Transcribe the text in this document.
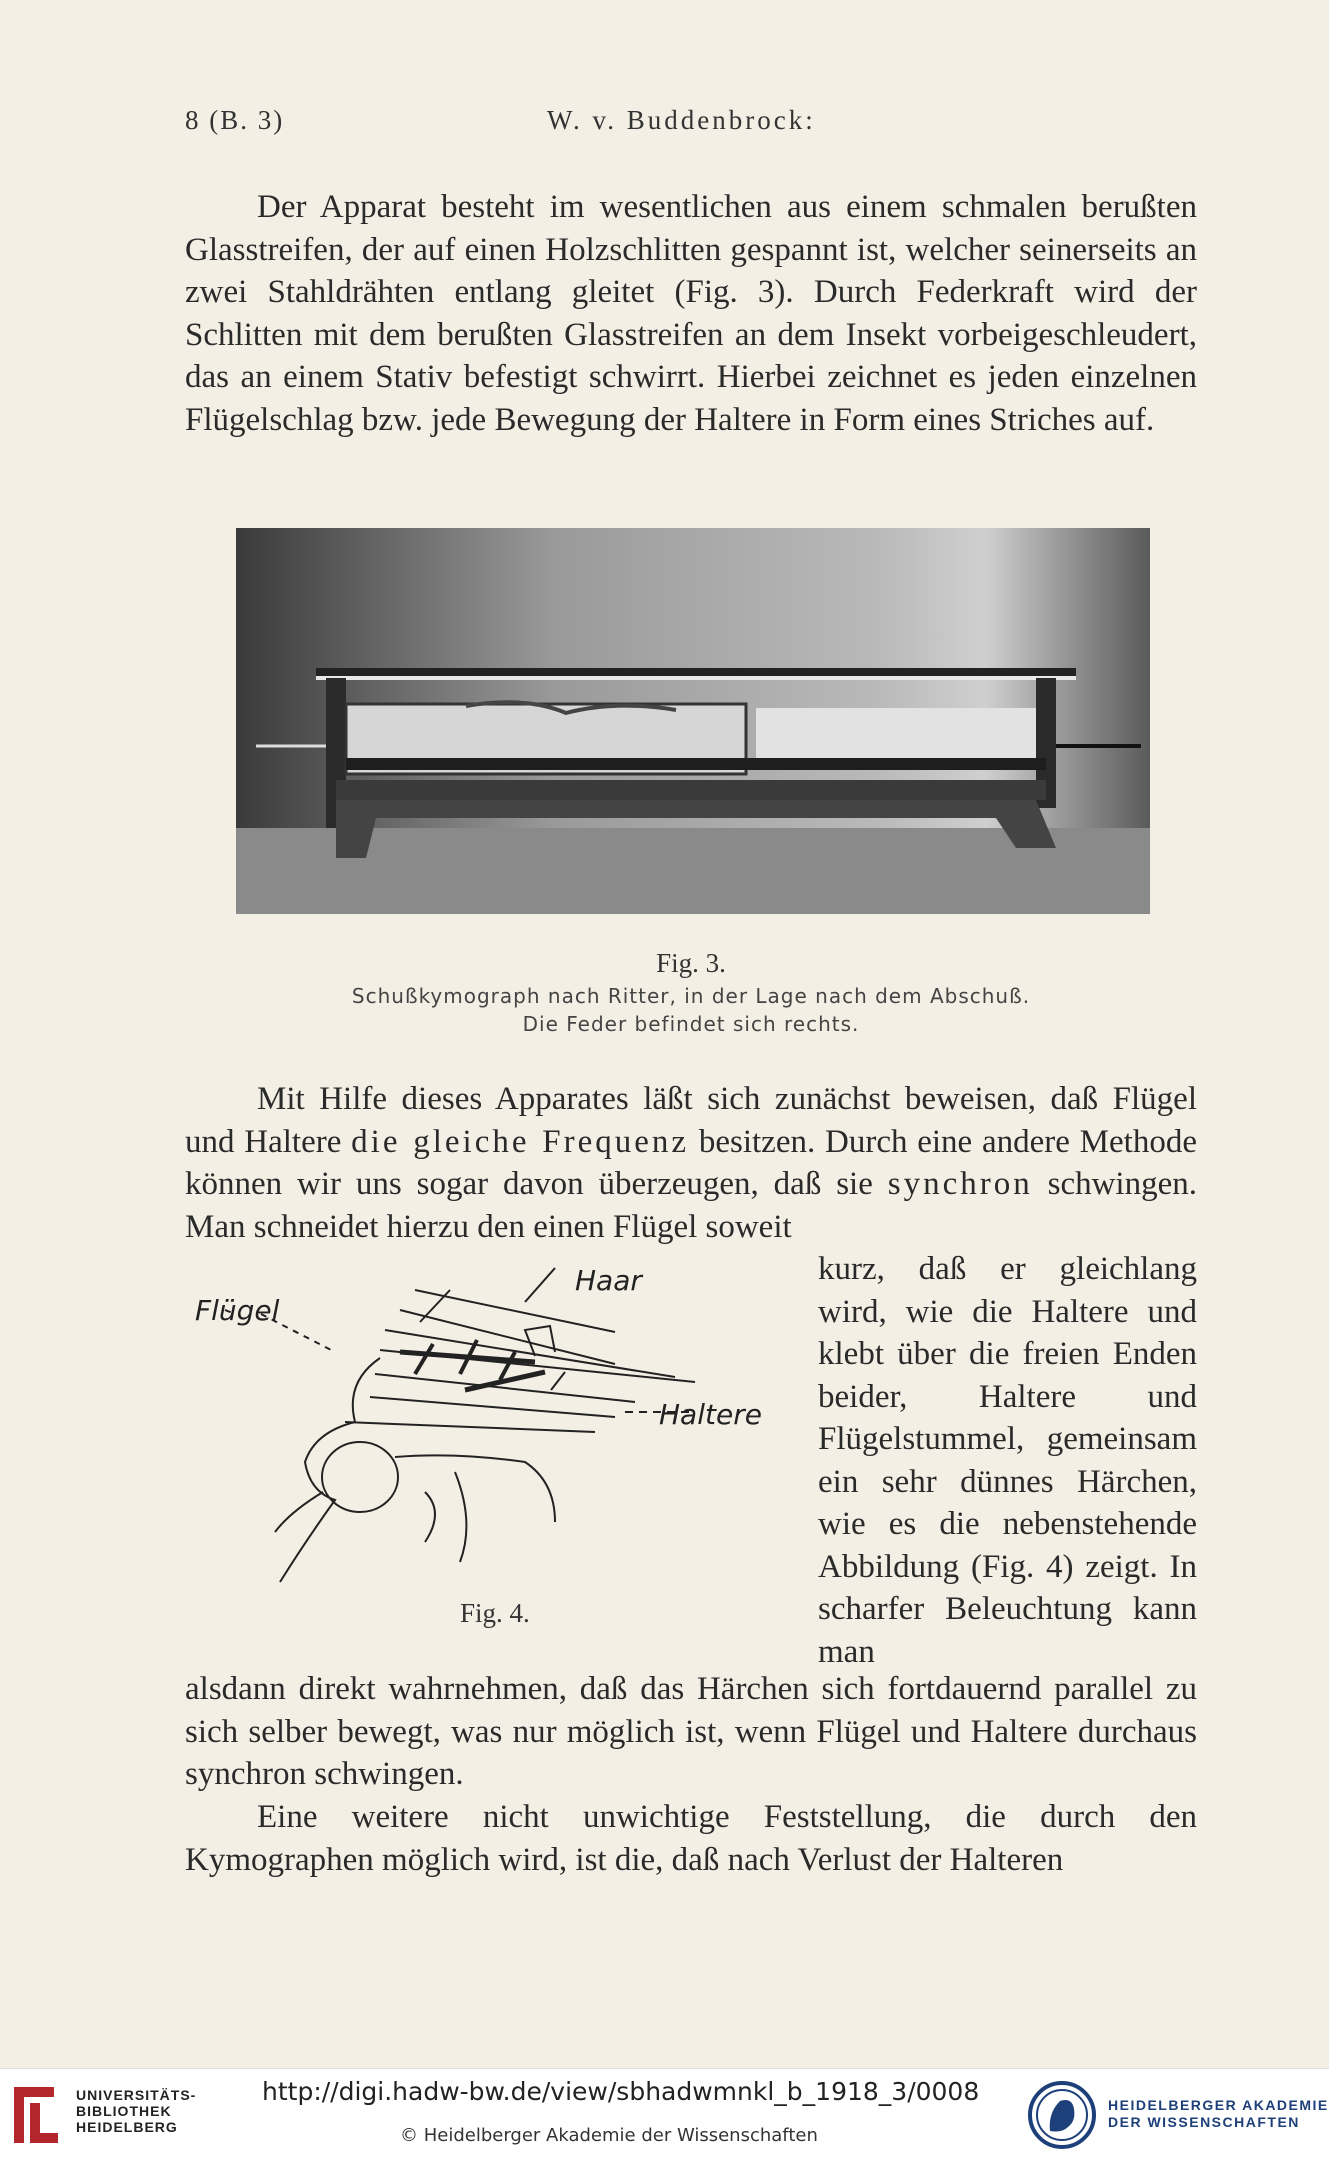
8 (B. 3)	W. v. Buddenbrock:
Der Apparat besteht im wesentlichen aus einem schmalen berußten Glasstreifen, der auf einen Holzschlitten gespannt ist, welcher seinerseits an zwei Stahldrähten entlang gleitet (Fig. 3). Durch Federkraft wird der Schlitten mit dem berußten Glasstreifen an dem Insekt vorbeigeschleudert, das an einem Stativ befestigt schwirrt. Hierbei zeichnet es jeden einzelnen Flügelschlag bzw. jede Bewegung der Haltere in Form eines Striches auf.
Fig. 3.
Schußkymograph nach Ritter, in der Lage nach dem Abschuß.
Die Feder befindet sich rechts.
Mit Hilfe dieses Apparates läßt sich zunächst beweisen, daß Flügel und Haltere die gleiche Frequenz besitzen. Durch eine andere Methode können wir uns sogar davon überzeugen, daß sie synchron schwingen. Man schneidet hierzu den einen Flügel soweit
kurz, daß er gleichlang wird, wie die Haltere und klebt über die freien Enden beider, Haltere und Flügelstummel, gemeinsam ein sehr dünnes Härchen, wie es die nebenstehende Abbildung (Fig. 4) zeigt. In scharfer Beleuchtung kann man
Haar
Flügel
Haltere
Fig. 4.
alsdann direkt wahrnehmen, daß das Härchen sich fortdauernd parallel zu sich selber bewegt, was nur möglich ist, wenn Flügel und Haltere durchaus synchron schwingen.
Eine weitere nicht unwichtige Feststellung, die durch den Kymographen möglich wird, ist die, daß nach Verlust der Halteren
UNIVERSITÄTS-
BIBLIOTHEK
HEIDELBERG
http://digi.hadw-bw.de/view/sbhadwmnkl_b_1918_3/0008
© Heidelberger Akademie der Wissenschaften
HEIDELBERGER AKADEMIE
DER WISSENSCHAFTEN
